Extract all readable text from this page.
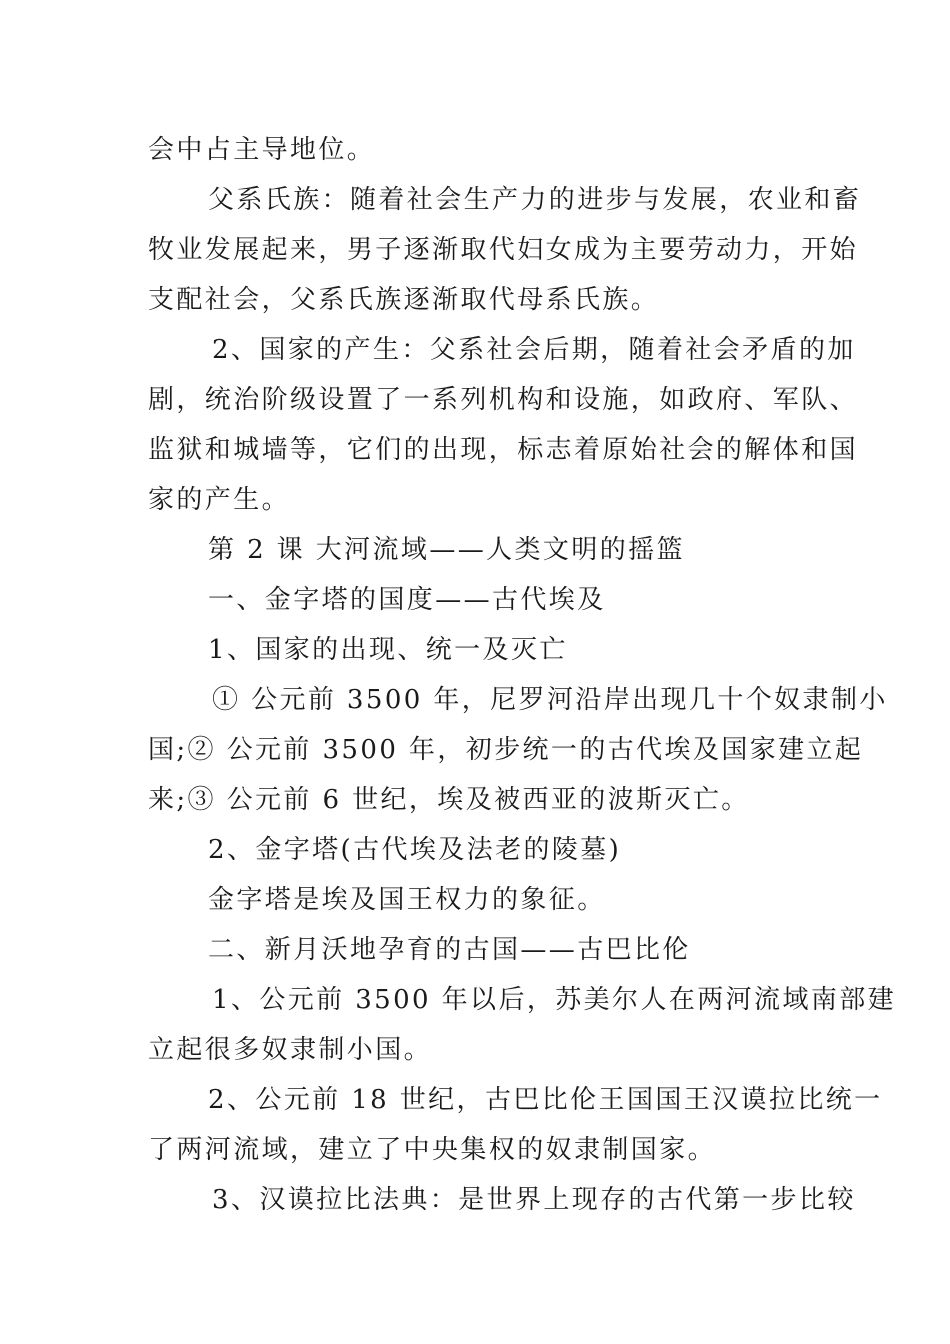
会中占主导地位。
父系氏族：随着社会生产力的进步与发展，农业和畜
牧业发展起来，男子逐渐取代妇女成为主要劳动力，开始
支配社会，父系氏族逐渐取代母系氏族。
2、国家的产生：父系社会后期，随着社会矛盾的加
剧，统治阶级设置了一系列机构和设施，如政府、军队、
监狱和城墙等，它们的出现，标志着原始社会的解体和国
家的产生。
第 2 课 大河流域——人类文明的摇篮
一、金字塔的国度——古代埃及
1、国家的出现、统一及灭亡
① 公元前 3500 年，尼罗河沿岸出现几十个奴隶制小
国;② 公元前 3500 年，初步统一的古代埃及国家建立起
来;③ 公元前 6 世纪，埃及被西亚的波斯灭亡。
2、金字塔(古代埃及法老的陵墓)
金字塔是埃及国王权力的象征。
二、新月沃地孕育的古国——古巴比伦
1、公元前 3500 年以后，苏美尔人在两河流域南部建
立起很多奴隶制小国。
2、公元前 18 世纪，古巴比伦王国国王汉谟拉比统一
了两河流域，建立了中央集权的奴隶制国家。
3、汉谟拉比法典：是世界上现存的古代第一步比较
